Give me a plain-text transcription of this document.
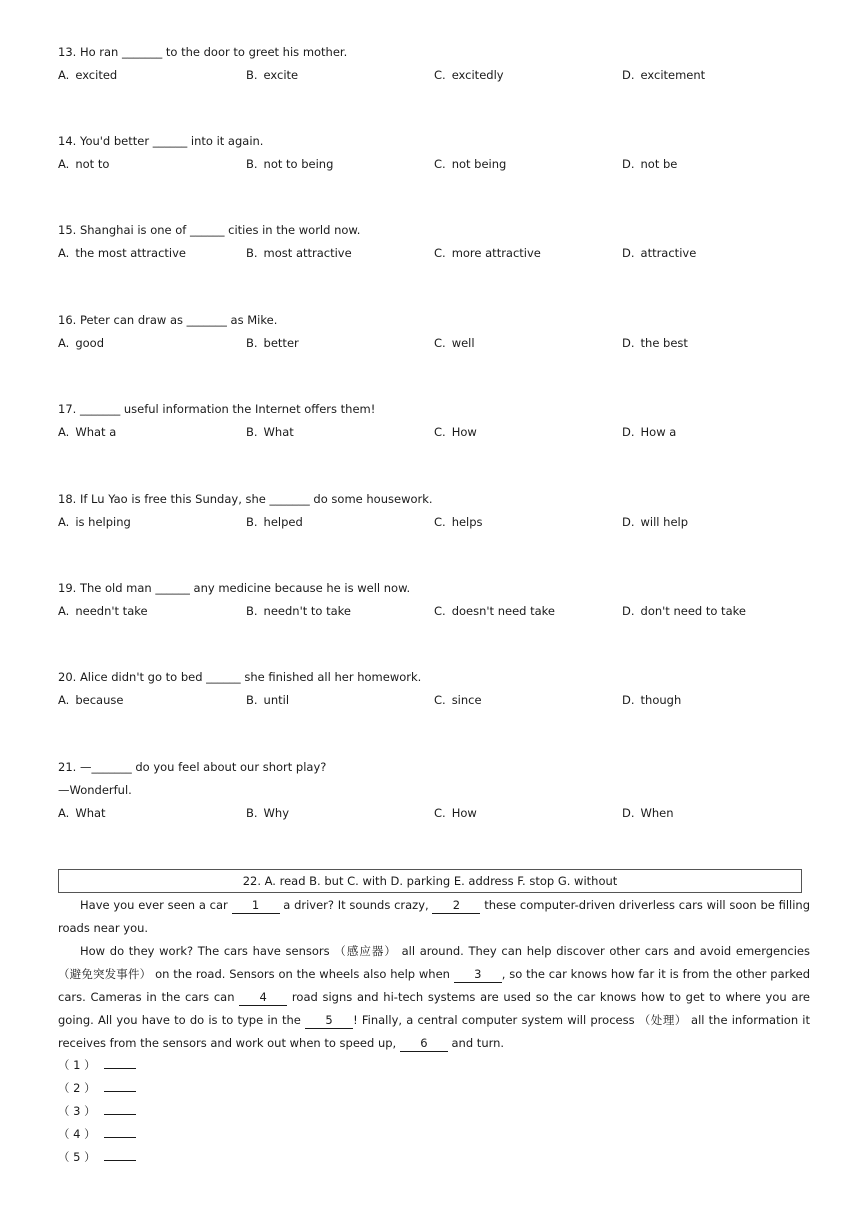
13. Ho ran _______ to the door to greet his mother.
A. excited	B. excite	C. excitedly	D. excitement
14. You'd better ______ into it again.
A. not to	B. not to being	C. not being	D. not be
15. Shanghai is one of ______ cities in the world now.
A. the most attractive	B. most attractive	C. more attractive	D. attractive
16. Peter can draw as _______ as Mike.
A. good	B. better	C. well	D. the best
17. _______ useful information the Internet offers them!
A. What a	B. What	C. How	D. How a
18. If Lu Yao is free this Sunday, she _______ do some housework.
A. is helping	B. helped	C. helps	D. will help
19. The old man ______ any medicine because he is well now.
A. needn't take	B. needn't to take	C. doesn't need take	D. don't need to take
20. Alice didn't go to bed ______ she finished all her homework.
A. because	B. until	C. since	D. though
21. —_______ do you feel about our short play?
—Wonderful.
A. What	B. Why	C. How	D. When
22. A. read B. but C. with D. parking E. address F. stop G. without

Have you ever seen a car 1 a driver? It sounds crazy, 2 these computer-driven driverless cars will soon be filling roads near you.

How do they work? The cars have sensors （感应器） all around. They can help discover other cars and avoid emergencies （避免突发事件） on the road. Sensors on the wheels also help when 3 , so the car knows how far it is from the other parked cars. Cameras in the cars can 4 road signs and hi-tech systems are used so the car knows how to get to where you are going. All you have to do is to type in the 5 ! Finally, a central computer system will process （处理） all the information it receives from the sensors and work out when to speed up, 6 and turn.

（ 1 ）
（ 2 ）
（ 3 ）
（ 4 ）
（ 5 ）
